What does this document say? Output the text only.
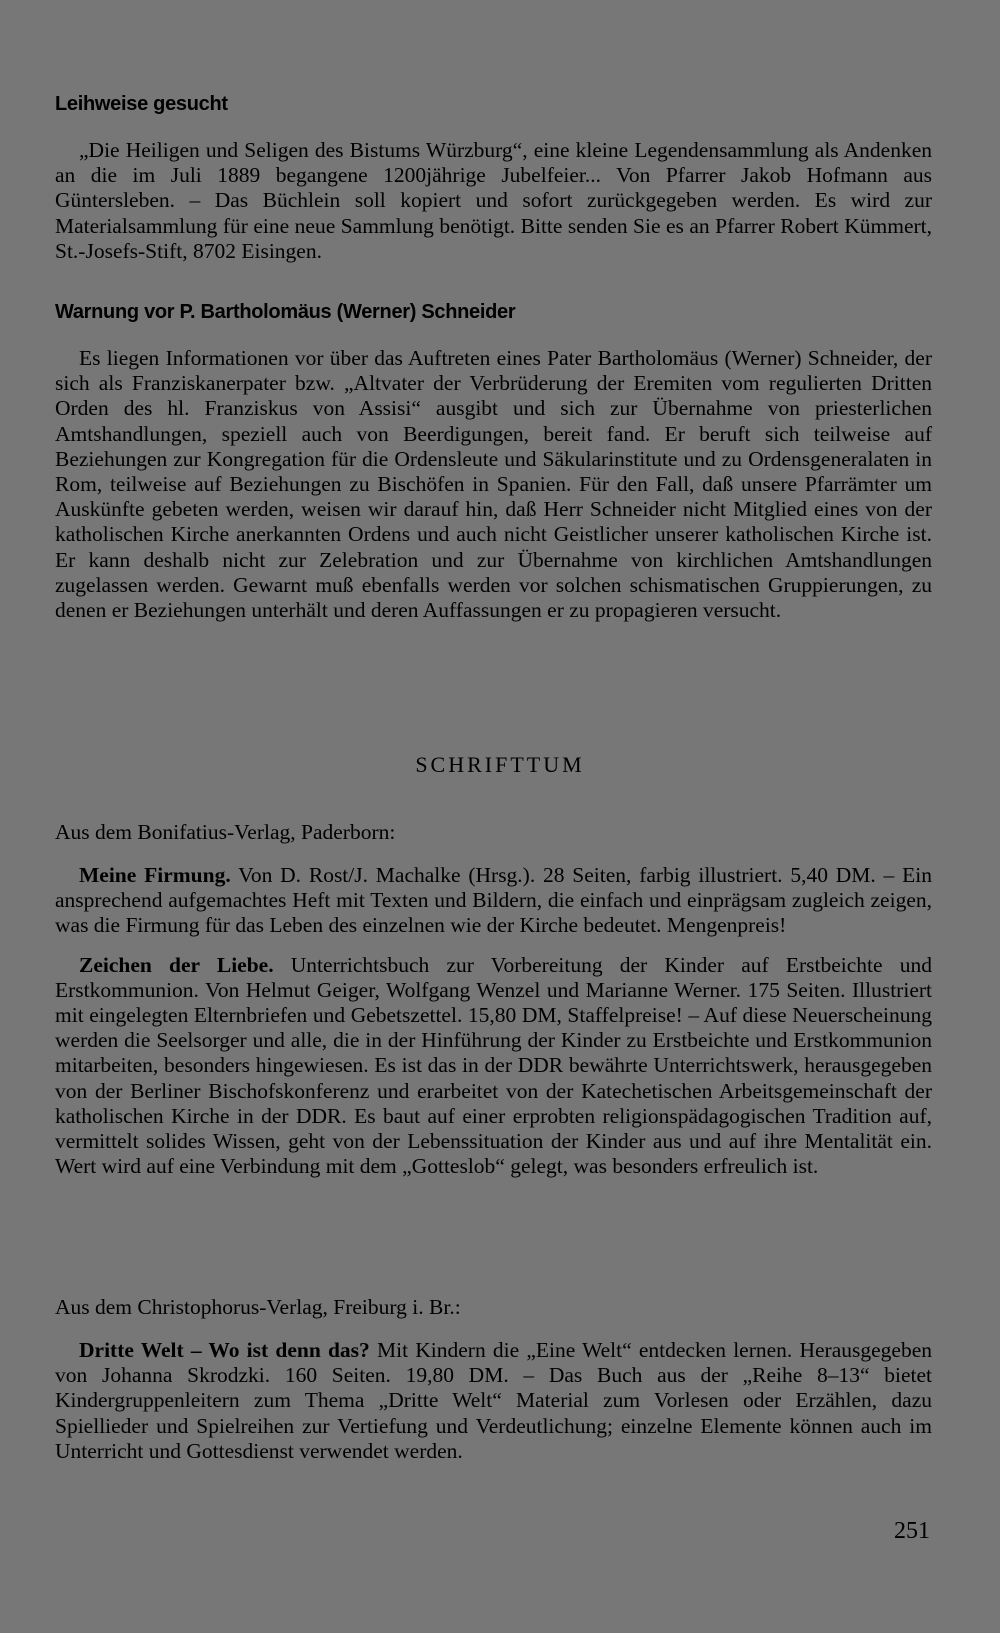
Leihweise gesucht

„Die Heiligen und Seligen des Bistums Würzburg“, eine kleine Legendensammlung als Andenken an die im Juli 1889 begangene 1200jährige Jubelfeier... Von Pfarrer Jakob Hofmann aus Güntersleben. – Das Büchlein soll kopiert und sofort zurückgegeben werden. Es wird zur Materialsammlung für eine neue Sammlung benötigt. Bitte senden Sie es an Pfarrer Robert Kümmert, St.-Josefs-Stift, 8702 Eisingen.

Warnung vor P. Bartholomäus (Werner) Schneider

Es liegen Informationen vor über das Auftreten eines Pater Bartholomäus (Werner) Schneider, der sich als Franziskanerpater bzw. „Altvater der Verbrüderung der Eremiten vom regulierten Dritten Orden des hl. Franziskus von Assisi“ ausgibt und sich zur Übernahme von priesterlichen Amtshandlungen, speziell auch von Beerdigungen, bereit fand. Er beruft sich teilweise auf Beziehungen zur Kongregation für die Ordensleute und Säkularinstitute und zu Ordensgeneralaten in Rom, teilweise auf Beziehungen zu Bischöfen in Spanien. Für den Fall, daß unsere Pfarrämter um Auskünfte gebeten werden, weisen wir darauf hin, daß Herr Schneider nicht Mitglied eines von der katholischen Kirche anerkannten Ordens und auch nicht Geistlicher unserer katholischen Kirche ist. Er kann deshalb nicht zur Zelebration und zur Übernahme von kirchlichen Amtshandlungen zugelassen werden. Gewarnt muß ebenfalls werden vor solchen schismatischen Gruppierungen, zu denen er Beziehungen unterhält und deren Auffassungen er zu propagieren versucht.

SCHRIFTTUM

Aus dem Bonifatius-Verlag, Paderborn:

Meine Firmung. Von D. Rost/J. Machalke (Hrsg.). 28 Seiten, farbig illustriert. 5,40 DM. – Ein ansprechend aufgemachtes Heft mit Texten und Bildern, die einfach und einprägsam zugleich zeigen, was die Firmung für das Leben des einzelnen wie der Kirche bedeutet. Mengenpreis!

Zeichen der Liebe. Unterrichtsbuch zur Vorbereitung der Kinder auf Erstbeichte und Erstkommunion. Von Helmut Geiger, Wolfgang Wenzel und Marianne Werner. 175 Seiten. Illustriert mit eingelegten Elternbriefen und Gebetszettel. 15,80 DM, Staffelpreise! – Auf diese Neuerscheinung werden die Seelsorger und alle, die in der Hinführung der Kinder zu Erstbeichte und Erstkommunion mitarbeiten, besonders hingewiesen. Es ist das in der DDR bewährte Unterrichtswerk, herausgegeben von der Berliner Bischofskonferenz und erarbeitet von der Katechetischen Arbeitsgemeinschaft der katholischen Kirche in der DDR. Es baut auf einer erprobten religionspädagogischen Tradition auf, vermittelt solides Wissen, geht von der Lebenssituation der Kinder aus und auf ihre Mentalität ein. Wert wird auf eine Verbindung mit dem „Gotteslob“ gelegt, was besonders erfreulich ist.

Aus dem Christophorus-Verlag, Freiburg i. Br.:

Dritte Welt – Wo ist denn das? Mit Kindern die „Eine Welt“ entdecken lernen. Herausgegeben von Johanna Skrodzki. 160 Seiten. 19,80 DM. – Das Buch aus der „Reihe 8–13“ bietet Kindergruppenleitern zum Thema „Dritte Welt“ Material zum Vorlesen oder Erzählen, dazu Spiellieder und Spielreihen zur Vertiefung und Verdeutlichung; einzelne Elemente können auch im Unterricht und Gottesdienst verwendet werden.

251
